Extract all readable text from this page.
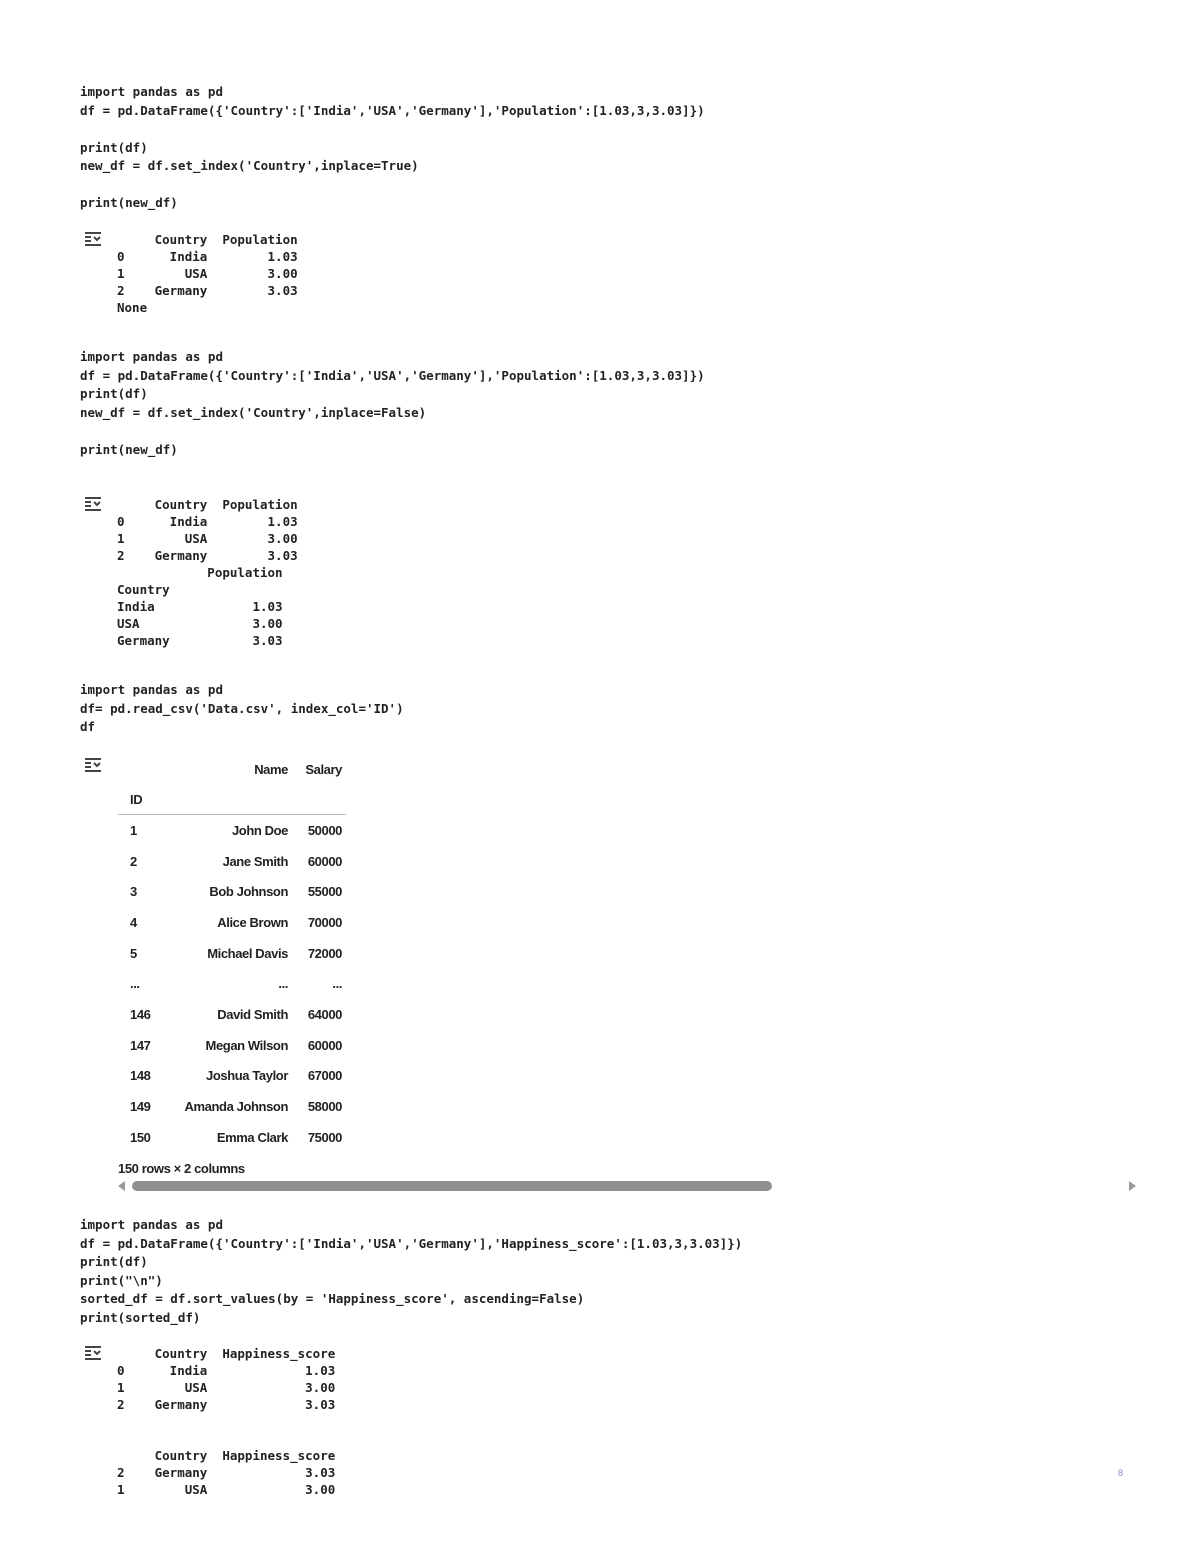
import pandas as pd
df = pd.DataFrame({'Country':['India','USA','Germany'],'Population':[1.03,3,3.03]})

print(df)
new_df = df.set_index('Country',inplace=True)

print(new_df)
Country  Population
0      India        1.03
1        USA        3.00
2    Germany        3.03
None
import pandas as pd
df = pd.DataFrame({'Country':['India','USA','Germany'],'Population':[1.03,3,3.03]})
print(df)
new_df = df.set_index('Country',inplace=False)

print(new_df)
Country  Population
0      India        1.03
1        USA        3.00
2    Germany        3.03
Population
Country
India             1.03
USA               3.00
Germany           3.03
import pandas as pd
df= pd.read_csv('Data.csv', index_col='ID')
df
	Name	Salary
ID		
1	John Doe	50000
2	Jane Smith	60000
3	Bob Johnson	55000
4	Alice Brown	70000
5	Michael Davis	72000
...	...	...
146	David Smith	64000
147	Megan Wilson	60000
148	Joshua Taylor	67000
149	Amanda Johnson	58000
150	Emma Clark	75000
150 rows × 2 columns
import pandas as pd
df = pd.DataFrame({'Country':['India','USA','Germany'],'Happiness_score':[1.03,3,3.03]})
print(df)
print("\n")
sorted_df = df.sort_values(by = 'Happiness_score', ascending=False)
print(sorted_df)
Country  Happiness_score
0      India             1.03
1        USA             3.00
2    Germany             3.03

Country  Happiness_score
2    Germany             3.03
1        USA             3.00
8
